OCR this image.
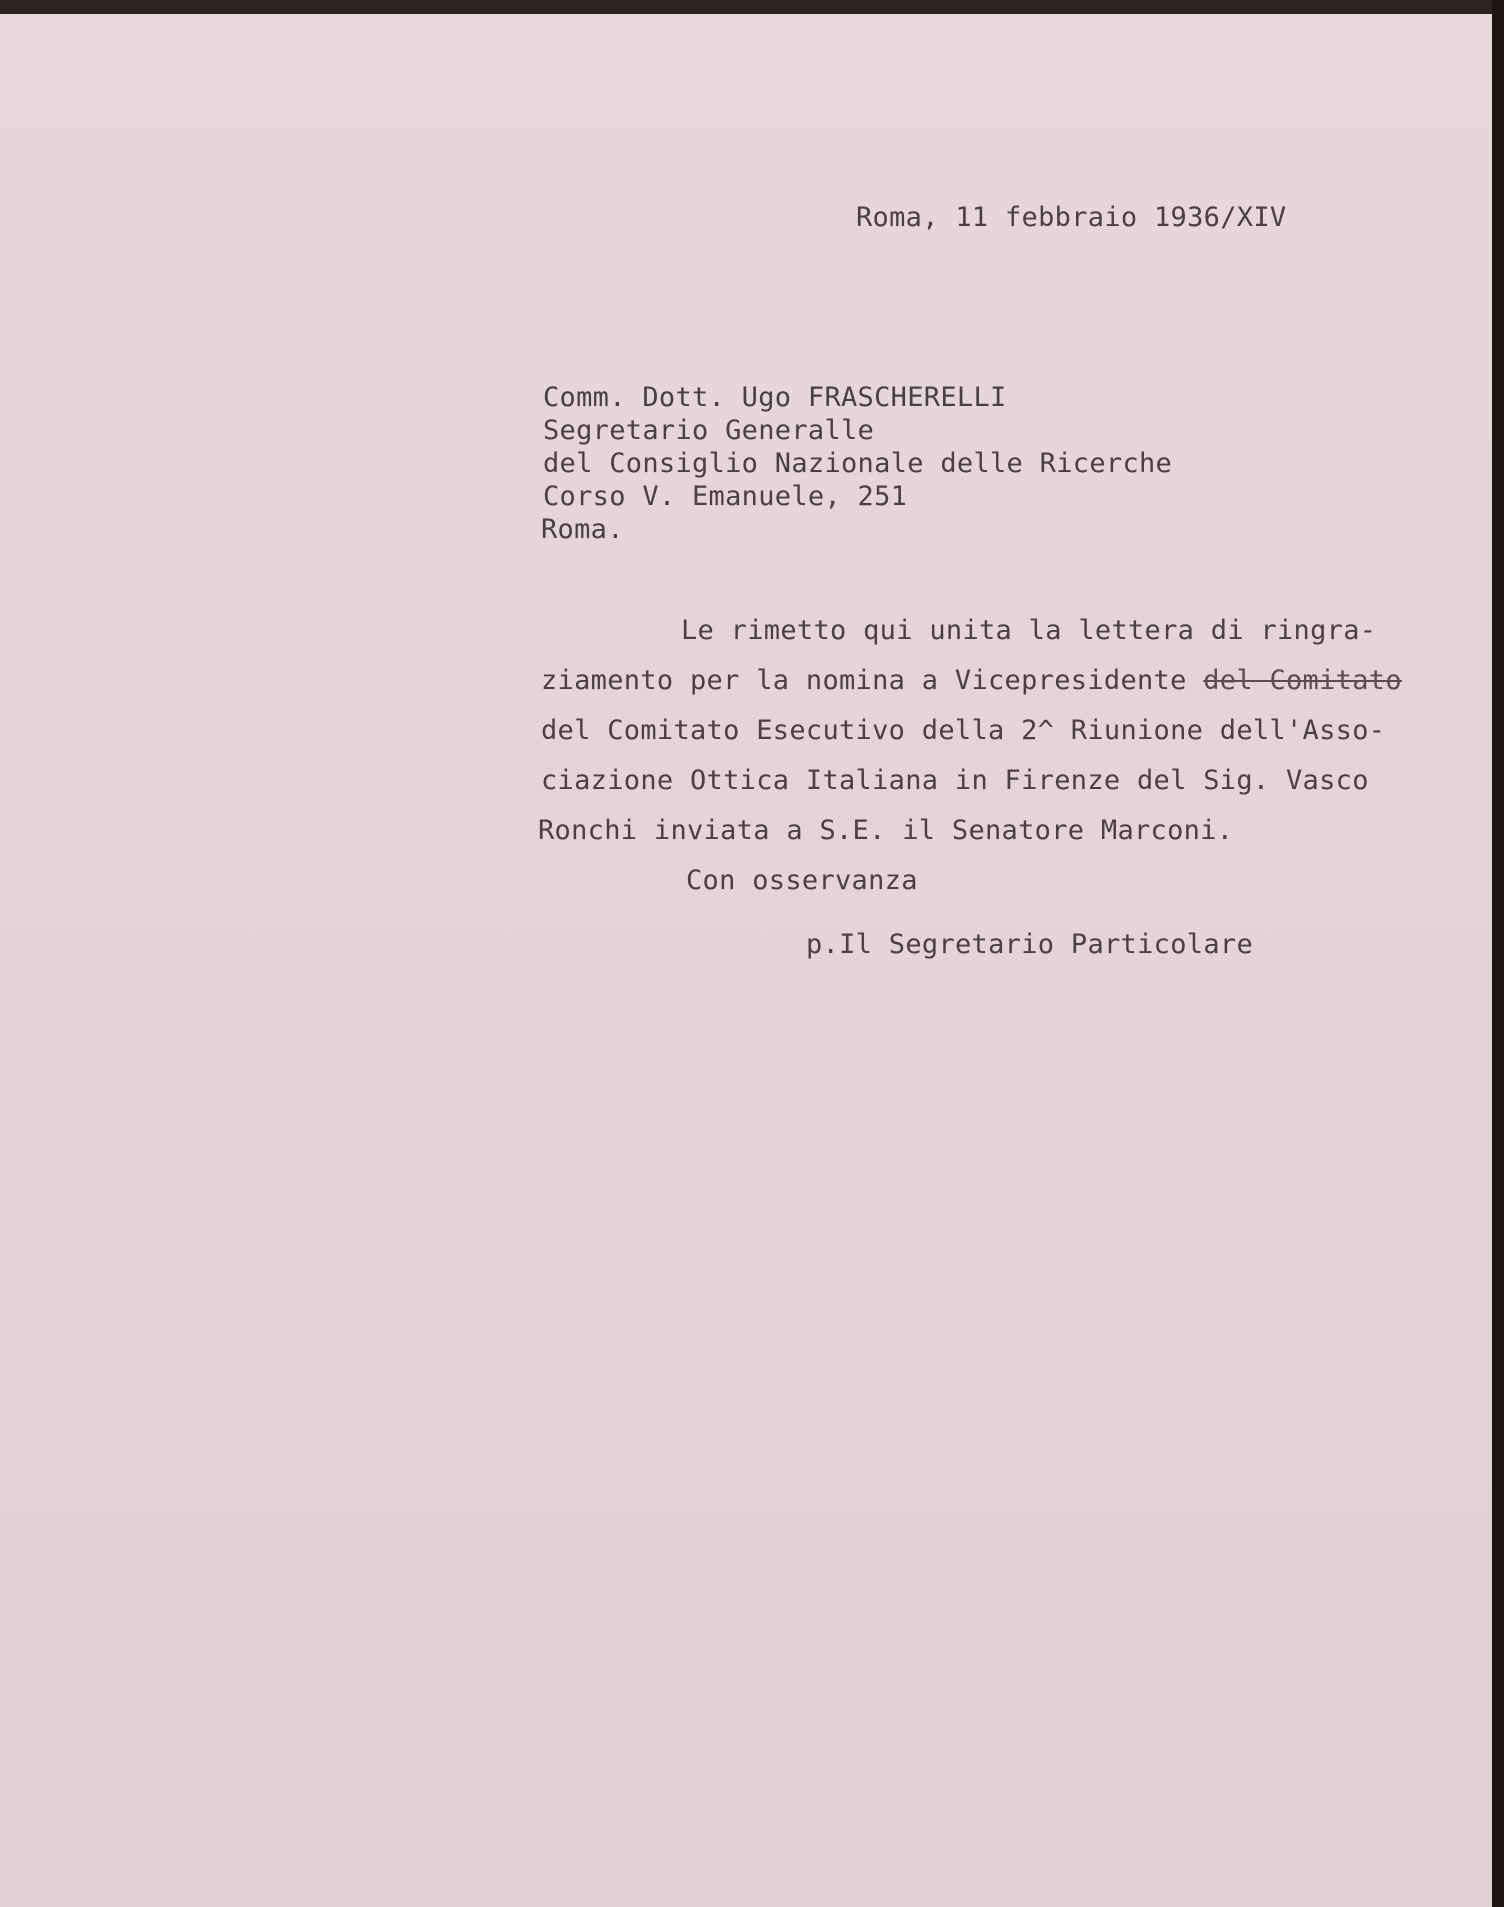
Roma, 11 febbraio 1936/XIV
Comm. Dott. Ugo FRASCHERELLI
Segretario Generalle
del Consiglio Nazionale delle Ricerche
Corso V. Emanuele, 251
Roma.
Le rimetto qui unita la lettera di ringra-
ziamento per la nomina a Vicepresidente del Comitato
del Comitato Esecutivo della 2^ Riunione dell'Asso-
ciazione Ottica Italiana in Firenze del Sig. Vasco
Ronchi inviata a S.E. il Senatore Marconi.
Con osservanza
p.Il Segretario Particolare
